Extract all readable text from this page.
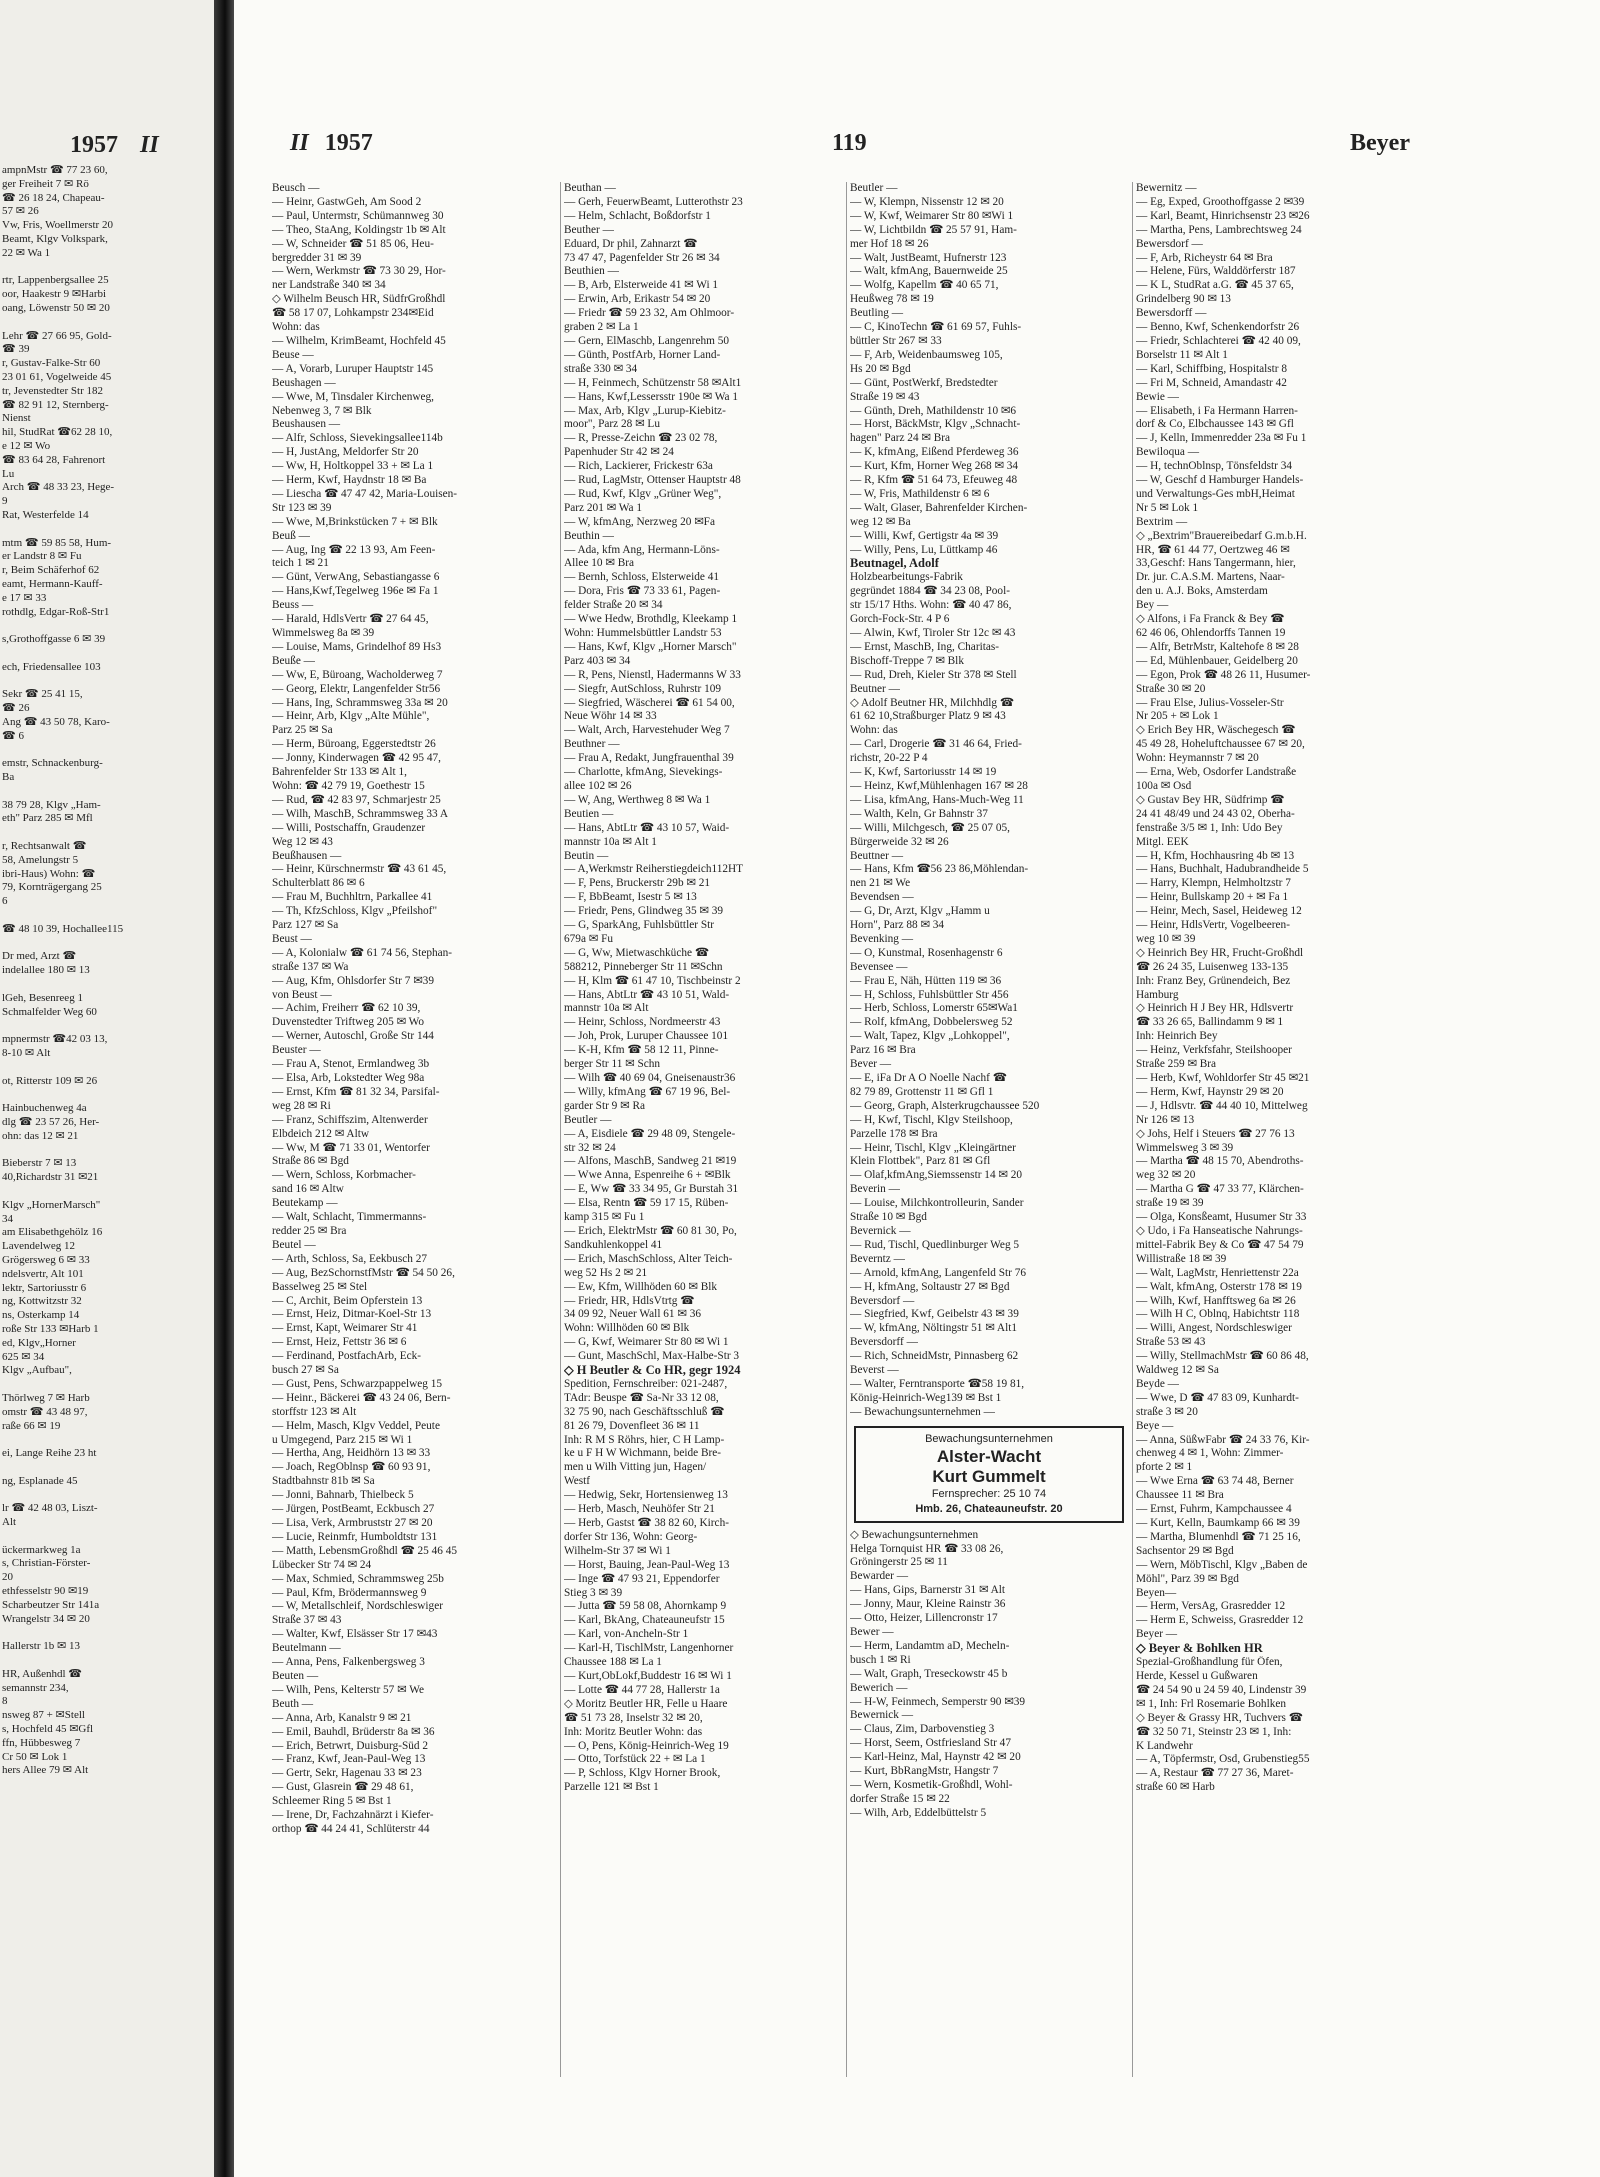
1957 II
ampnMstr ☎ 77 23 60,
ger Freiheit 7 ✉ Rö
☎ 26 18 24, Chapeau-
57 ✉ 26
Vw, Fris, Woellmerstr 20
Beamt, Klgv Volkspark,
22 ✉ Wa 1

rtr, Lappenbergsallee 25
oor, Haakestr 9 ✉Harbi
oang, Löwenstr 50 ✉ 20

Lehr ☎ 27 66 95, Gold-
☎ 39
r, Gustav-Falke-Str 60
23 01 61, Vogelweide 45
tr, Jevenstedter Str 182
☎ 82 91 12, Sternberg-
Nienst
hil, StudRat ☎62 28 10,
e 12 ✉ Wo
☎ 83 64 28, Fahrenort
Lu
Arch ☎ 48 33 23, Hege-
9
Rat, Westerfelde 14

mtm ☎ 59 85 58, Hum-
er Landstr 8 ✉ Fu
r, Beim Schäferhof 62
eamt, Hermann-Kauff-
e 17 ✉ 33
rothdlg, Edgar-Roß-Str1

s,Grothoffgasse 6 ✉ 39

ech, Friedensallee 103

Sekr ☎ 25 41 15,
☎ 26
Ang ☎ 43 50 78, Karo-
☎ 6

emstr, Schnackenburg-
Ba

38 79 28, Klgv „Ham-
eth" Parz 285 ✉ Mfl

r, Rechtsanwalt ☎
58, Amelungstr 5
ibri-Haus) Wohn: ☎
79, Kornträgergang 25
6

☎ 48 10 39, Hochallee115

Dr med, Arzt ☎
indelallee 180 ✉ 13

lGeh, Besenreeg 1
Schmalfelder Weg 60

mpnermstr ☎42 03 13,
8-10 ✉ Alt

ot, Ritterstr 109 ✉ 26

Hainbuchenweg 4a
dlg ☎ 23 57 26, Her-
ohn: das 12 ✉ 21

Bieberstr 7 ✉ 13
40,Richardstr 31 ✉21

Klgv „HornerMarsch"
34
am Elisabethgehölz 16
Lavendelweg 12
Grögersweg 6 ✉ 33
ndelsvertr, Alt 101
lektr, Sartoriusstr 6
ng, Kottwitzstr 32
ns, Osterkamp 14
roße Str 133 ✉Harb 1
ed, Klgv„Horner
625 ✉ 34
Klgv „Aufbau",

Thörlweg 7 ✉ Harb
omstr ☎ 43 48 97,
raße 66 ✉ 19

ei, Lange Reihe 23 ht

ng, Esplanade 45

lr ☎ 42 48 03, Liszt-
Alt

ückermarkweg 1a
s, Christian-Förster-
20
ethfesselstr 90 ✉19
Scharbeutzer Str 141a
Wrangelstr 34 ✉ 20

Hallerstr 1b ✉ 13

HR, Außenhdl ☎
semannstr 234,
8
nsweg 87 + ✉Stell
s, Hochfeld 45 ✉Gfl
ffn, Hübbesweg 7
Cr 50 ✉ Lok 1
hers Allee 79 ✉ Alt
II 1957	119	Beyer
Beusch —
— Heinr, GastwGeh, Am Sood 2
— Paul, Untermstr, Schümannweg 30
— Theo, StaAng, Koldingstr 1b ✉ Alt
— W, Schneider ☎ 51 85 06, Heu-
bergredder 31 ✉ 39
— Wern, Werkmstr ☎ 73 30 29, Hor-
ner Landstraße 340 ✉ 34
◇ Wilhelm Beusch HR, SüdfrGroßhdl
☎ 58 17 07, Lohkampstr 234✉Eid
Wohn: das
— Wilhelm, KrimBeamt, Hochfeld 45
Beuse —
— A, Vorarb, Luruper Hauptstr 145
Beushagen —
— Wwe, M, Tinsdaler Kirchenweg,
Nebenweg 3, 7 ✉ Blk
Beushausen —
— Alfr, Schloss, Sievekingsallee114b
— H, JustAng, Meldorfer Str 20
— Ww, H, Holtkoppel 33 + ✉ La 1
— Herm, Kwf, Haydnstr 18 ✉ Ba
— Liescha ☎ 47 47 42, Maria-Louisen-
Str 123 ✉ 39
— Wwe, M,Brinkstücken 7 + ✉ Blk
Beuß —
— Aug, Ing ☎ 22 13 93, Am Feen-
teich 1 ✉ 21
— Günt, VerwAng, Sebastiangasse 6
— Hans,Kwf,Tegelweg 196e ✉ Fa 1
Beuss —
— Harald, HdlsVertr ☎ 27 64 45,
Wimmelsweg 8a ✉ 39
— Louise, Mams, Grindelhof 89 Hs3
Beuße —
— Ww, E, Büroang, Wacholderweg 7
— Georg, Elektr, Langenfelder Str56
— Hans, Ing, Schrammsweg 33a ✉ 20
— Heinr, Arb, Klgv „Alte Mühle",
Parz 25 ✉ Sa
— Herm, Büroang, Eggerstedtstr 26
— Jonny, Kinderwagen ☎ 42 95 47,
Bahrenfelder Str 133 ✉ Alt 1,
Wohn: ☎ 42 79 19, Goethestr 15
— Rud, ☎ 42 83 97, Schmarjestr 25
— Wilh, MaschB, Schrammsweg 33 A
— Willi, Postschaffn, Graudenzer
Weg 12 ✉ 43
Beußhausen —
— Heinr, Kürschnermstr ☎ 43 61 45,
Schulterblatt 86 ✉ 6
— Frau M, Buchhltrn, Parkallee 41
— Th, KfzSchloss, Klgv „Pfeilshof"
Parz 127 ✉ Sa
Beust —
— A, Kolonialw ☎ 61 74 56, Stephan-
straße 137 ✉ Wa
— Aug, Kfm, Ohlsdorfer Str 7 ✉39
von Beust —
— Achim, Freiherr ☎ 62 10 39,
Duvenstedter Triftweg 205 ✉ Wo
— Werner, Autoschl, Große Str 144
Beuster —
— Frau A, Stenot, Ermlandweg 3b
— Elsa, Arb, Lokstedter Weg 98a
— Ernst, Kfm ☎ 81 32 34, Parsifal-
weg 28 ✉ Ri
— Franz, Schiffszim, Altenwerder
Elbdeich 212 ✉ Altw
— Ww, M ☎ 71 33 01, Wentorfer
Straße 86 ✉ Bgd
— Wern, Schloss, Korbmacher-
sand 16 ✉ Altw
Beutekamp —
— Walt, Schlacht, Timmermanns-
redder 25 ✉ Bra
Beutel —
— Arth, Schloss, Sa, Eekbusch 27
— Aug, BezSchornstfMstr ☎ 54 50 26,
Basselweg 25 ✉ Stel
— C, Archit, Beim Opferstein 13
— Ernst, Heiz, Ditmar-Koel-Str 13
— Ernst, Kapt, Weimarer Str 41
— Ernst, Heiz, Fettstr 36 ✉ 6
— Ferdinand, PostfachArb, Eck-
busch 27 ✉ Sa
— Gust, Pens, Schwarzpappelweg 15
— Heinr., Bäckerei ☎ 43 24 06, Bern-
storffstr 123 ✉ Alt
— Helm, Masch, Klgv Veddel, Peute
u Umgegend, Parz 215 ✉ Wi 1
— Hertha, Ang, Heidhörn 13 ✉ 33
— Joach, RegOblnsp ☎ 60 93 91,
Stadtbahnstr 81b ✉ Sa
— Jonni, Bahnarb, Thielbeck 5
— Jürgen, PostBeamt, Eckbusch 27
— Lisa, Verk, Armbruststr 27 ✉ 20
— Lucie, Reinmfr, Humboldtstr 131
— Matth, LebensmGroßhdl ☎ 25 46 45
Lübecker Str 74 ✉ 24
— Max, Schmied, Schrammsweg 25b
— Paul, Kfm, Brödermannsweg 9
— W, Metallschleif, Nordschleswiger
Straße 37 ✉ 43
— Walter, Kwf, Elsässer Str 17 ✉43
Beutelmann —
— Anna, Pens, Falkenbergsweg 3
Beuten —
— Wilh, Pens, Kelterstr 57 ✉ We
Beuth —
— Anna, Arb, Kanalstr 9 ✉ 21
— Emil, Bauhdl, Brüderstr 8a ✉ 36
— Erich, Betrwrt, Duisburg-Süd 2
— Franz, Kwf, Jean-Paul-Weg 13
— Gertr, Sekr, Hagenau 33 ✉ 23
— Gust, Glasrein ☎ 29 48 61,
Schleemer Ring 5 ✉ Bst 1
— Irene, Dr, Fachzahnärzt i Kiefer-
orthop ☎ 44 24 41, Schlüterstr 44
Beuthan —
— Gerh, FeuerwBeamt, Lutterothstr 23
— Helm, Schlacht, Boßdorfstr 1
Beuther —
Eduard, Dr phil, Zahnarzt ☎
73 47 47, Pagenfelder Str 26 ✉ 34
Beuthien —
— B, Arb, Elsterweide 41 ✉ Wi 1
— Erwin, Arb, Erikastr 54 ✉ 20
— Friedr ☎ 59 23 32, Am Ohlmoor-
graben 2 ✉ La 1
— Gern, ElMaschb, Langenrehm 50
— Günth, PostfArb, Horner Land-
straße 330 ✉ 34
— H, Feinmech, Schützenstr 58 ✉Alt1
— Hans, Kwf,Lessersstr 190e ✉ Wa 1
— Max, Arb, Klgv „Lurup-Kiebitz-
moor", Parz 28 ✉ Lu
— R, Presse-Zeichn ☎ 23 02 78,
Papenhuder Str 42 ✉ 24
— Rich, Lackierer, Frickestr 63a
— Rud, LagMstr, Ottenser Hauptstr 48
— Rud, Kwf, Klgv „Grüner Weg",
Parz 201 ✉ Wa 1
— W, kfmAng, Nerzweg 20 ✉Fa
Beuthin —
— Ada, kfm Ang, Hermann-Löns-
Allee 10 ✉ Bra
— Bernh, Schloss, Elsterweide 41
— Dora, Fris ☎ 73 33 61, Pagen-
felder Straße 20 ✉ 34
— Wwe Hedw, Brothdlg, Kleekamp 1
Wohn: Hummelsbüttler Landstr 53
— Hans, Kwf, Klgv „Horner Marsch"
Parz 403 ✉ 34
— R, Pens, Nienstl, Hadermanns W 33
— Siegfr, AutSchloss, Ruhrstr 109
— Siegfried, Wäscherei ☎ 61 54 00,
Neue Wöhr 14 ✉ 33
— Walt, Arch, Harvestehuder Weg 7
Beuthner —
— Frau A, Redakt, Jungfrauenthal 39
— Charlotte, kfmAng, Sievekings-
allee 102 ✉ 26
— W, Ang, Werthweg 8 ✉ Wa 1
Beutien —
— Hans, AbtLtr ☎ 43 10 57, Waid-
mannstr 10a ✉ Alt 1
Beutin —
— A,Werkmstr Reiherstiegdeich112HT
— F, Pens, Bruckerstr 29b ✉ 21
— F, BbBeamt, Isestr 5 ✉ 13
— Friedr, Pens, Glindweg 35 ✉ 39
— G, SparkAng, Fuhlsbüttler Str
679a ✉ Fu
— G, Ww, Mietwaschküche ☎
588212, Pinneberger Str 11 ✉Schn
— H, Klm ☎ 61 47 10, Tischbeinstr 2
— Hans, AbtLtr ☎ 43 10 51, Wald-
mannstr 10a ✉ Alt
— Heinr, Schloss, Nordmeerstr 43
— Joh, Prok, Luruper Chaussee 101
— K-H, Kfm ☎ 58 12 11, Pinne-
berger Str 11 ✉ Schn
— Wilh ☎ 40 69 04, Gneisenaustr36
— Willy, kfmAng ☎ 67 19 96, Bel-
garder Str 9 ✉ Ra
Beutler —
— A, Eisdiele ☎ 29 48 09, Stengele-
str 32 ✉ 24
— Alfons, MaschB, Sandweg 21 ✉19
— Wwe Anna, Espenreihe 6 + ✉Blk
— E, Ww ☎ 33 34 95, Gr Burstah 31
— Elsa, Rentn ☎ 59 17 15, Rüben-
kamp 315 ✉ Fu 1
— Erich, ElektrMstr ☎ 60 81 30, Po,
Sandkuhlenkoppel 41
— Erich, MaschSchloss, Alter Teich-
weg 52 Hs 2 ✉ 21
— Ew, Kfm, Willhöden 60 ✉ Blk
— Friedr, HR, HdlsVtrtg ☎
34 09 92, Neuer Wall 61 ✉ 36
Wohn: Willhöden 60 ✉ Blk
— G, Kwf, Weimarer Str 80 ✉ Wi 1
— Gunt, MaschSchl, Max-Halbe-Str 3
◇ H Beutler & Co HR, gegr 1924
Spedition, Fernschreiber: 021-2487,
TAdr: Beuspe ☎ Sa-Nr 33 12 08,
32 75 90, nach Geschäftsschluß ☎
81 26 79, Dovenfleet 36 ✉ 11
Inh: R M S Röhrs, hier, C H Lamp-
ke u F H W Wichmann, beide Bre-
men u Wilh Vitting jun, Hagen/
Westf
— Hedwig, Sekr, Hortensienweg 13
— Herb, Masch, Neuhöfer Str 21
— Herb, Gastst ☎ 38 82 60, Kirch-
dorfer Str 136, Wohn: Georg-
Wilhelm-Str 37 ✉ Wi 1
— Horst, Bauing, Jean-Paul-Weg 13
— Inge ☎ 47 93 21, Eppendorfer
Stieg 3 ✉ 39
— Jutta ☎ 59 58 08, Ahornkamp 9
— Karl, BkAng, Chateauneufstr 15
— Karl, von-Ancheln-Str 1
— Karl-H, TischlMstr, Langenhorner
Chaussee 188 ✉ La 1
— Kurt,ObLokf,Buddestr 16 ✉ Wi 1
— Lotte ☎ 44 77 28, Hallerstr 1a
◇ Moritz Beutler HR, Felle u Haare
☎ 51 73 28, Inselstr 32 ✉ 20,
Inh: Moritz Beutler Wohn: das
— O, Pens, König-Heinrich-Weg 19
— Otto, Torfstück 22 + ✉ La 1
— P, Schloss, Klgv Horner Brook,
Parzelle 121 ✉ Bst 1
Beutler —
— W, Klempn, Nissenstr 12 ✉ 20
— W, Kwf, Weimarer Str 80 ✉Wi 1
— W, Lichtbildn ☎ 25 57 91, Ham-
mer Hof 18 ✉ 26
— Walt, JustBeamt, Hufnerstr 123
— Walt, kfmAng, Bauernweide 25
— Wolfg, Kapellm ☎ 40 65 71,
Heußweg 78 ✉ 19
Beutling —
— C, KinoTechn ☎ 61 69 57, Fuhls-
büttler Str 267 ✉ 33
— F, Arb, Weidenbaumsweg 105,
Hs 20 ✉ Bgd
— Günt, PostWerkf, Bredstedter
Straße 19 ✉ 43
— Günth, Dreh, Mathildenstr 10 ✉6
— Horst, BäckMstr, Klgv „Schnacht-
hagen" Parz 24 ✉ Bra
— K, kfmAng, Eißend Pferdeweg 36
— Kurt, Kfm, Horner Weg 268 ✉ 34
— R, Kfm ☎ 51 64 73, Efeuweg 48
— W, Fris, Mathildenstr 6 ✉ 6
— Walt, Glaser, Bahrenfelder Kirchen-
weg 12 ✉ Ba
— Willi, Kwf, Gertigstr 4a ✉ 39
— Willy, Pens, Lu, Lüttkamp 46
Beutnagel, Adolf
Holzbearbeitungs-Fabrik
gegründet 1884 ☎ 34 23 08, Pool-
str 15/17 Hths. Wohn: ☎ 40 47 86,
Gorch-Fock-Str. 4 P 6
— Alwin, Kwf, Tiroler Str 12c ✉ 43
— Ernst, MaschB, Ing, Charitas-
Bischoff-Treppe 7 ✉ Blk
— Rud, Dreh, Kieler Str 378 ✉ Stell
Beutner —
◇ Adolf Beutner HR, Milchhdlg ☎
61 62 10,Straßburger Platz 9 ✉ 43
Wohn: das
— Carl, Drogerie ☎ 31 46 64, Fried-
richstr, 20-22 P 4
— K, Kwf, Sartoriusstr 14 ✉ 19
— Heinz, Kwf,Mühlenhagen 167 ✉ 28
— Lisa, kfmAng, Hans-Much-Weg 11
— Walth, Keln, Gr Bahnstr 37
— Willi, Milchgesch, ☎ 25 07 05,
Bürgerweide 32 ✉ 26
Beuttner —
— Hans, Kfm ☎56 23 86,Möhlendan-
nen 21 ✉ We
Bevendsen —
— G, Dr, Arzt, Klgv „Hamm u
Horn", Parz 88 ✉ 34
Bevenking —
— O, Kunstmal, Rosenhagenstr 6
Bevensee —
— Frau E, Näh, Hütten 119 ✉ 36
— H, Schloss, Fuhlsbüttler Str 456
— Herb, Schloss, Lomerstr 65✉Wa1
— Rolf, kfmAng, Dobbelersweg 52
— Walt, Tapez, Klgv „Lohkoppel",
Parz 16 ✉ Bra
Bever —
— E, iFa Dr A O Noelle Nachf ☎
82 79 89, Grottenstr 11 ✉ Gfl 1
— Georg, Graph, Alsterkrugchaussee 520
— H, Kwf, Tischl, Klgv Steilshoop,
Parzelle 178 ✉ Bra
— Heinr, Tischl, Klgv „Kleingärtner
Klein Flottbek", Parz 81 ✉ Gfl
— Olaf,kfmAng,Siemssenstr 14 ✉ 20
Beverin —
— Louise, Milchkontrolleurin, Sander
Straße 10 ✉ Bgd
Bevernick —
— Rud, Tischl, Quedlinburger Weg 5
Beverntz —
— Arnold, kfmAng, Langenfeld Str 76
— H, kfmAng, Soltaustr 27 ✉ Bgd
Beversdorf —
— Siegfried, Kwf, Geibelstr 43 ✉ 39
— W, kfmAng, Nöltingstr 51 ✉ Alt1
Beversdorff —
— Rich, SchneidMstr, Pinnasberg 62
Beverst —
— Walter, Ferntransporte ☎58 19 81,
König-Heinrich-Weg139 ✉ Bst 1
— Bewachungsunternehmen —
Bewachungsunternehmen
Alster-Wacht
Kurt Gummelt
Fernsprecher: 25 10 74
Hmb. 26, Chateauneufstr. 20
◇ Bewachungsunternehmen
Helga Tornquist HR ☎ 33 08 26,
Gröningerstr 25 ✉ 11
Bewarder —
— Hans, Gips, Barnerstr 31 ✉ Alt
— Jonny, Maur, Kleine Rainstr 36
— Otto, Heizer, Lillencronstr 17
Bewer —
— Herm, Landamtm aD, Mecheln-
busch 1 ✉ Ri
— Walt, Graph, Treseckowstr 45 b
Bewerich —
— H-W, Feinmech, Semperstr 90 ✉39
Bewernick —
— Claus, Zim, Darbovenstieg 3
— Horst, Seem, Ostfriesland Str 47
— Karl-Heinz, Mal, Haynstr 42 ✉ 20
— Kurt, BbRangMstr, Hangstr 7
— Wern, Kosmetik-Großhdl, Wohl-
dorfer Straße 15 ✉ 22
— Wilh, Arb, Eddelbüttelstr 5
Bewernitz —
— Eg, Exped, Groothoffgasse 2 ✉39
— Karl, Beamt, Hinrichsenstr 23 ✉26
— Martha, Pens, Lambrechtsweg 24
Bewersdorf —
— F, Arb, Richeystr 64 ✉ Bra
— Helene, Fürs, Walddörferstr 187
— K L, StudRat a.G. ☎ 45 37 65,
Grindelberg 90 ✉ 13
Bewersdorff —
— Benno, Kwf, Schenkendorfstr 26
— Friedr, Schlachterei ☎ 42 40 09,
Borselstr 11 ✉ Alt 1
— Karl, Schiffbing, Hospitalstr 8
— Fri M, Schneid, Amandastr 42
Bewie —
— Elisabeth, i Fa Hermann Harren-
dorf & Co, Elbchaussee 143 ✉ Gfl
— J, Kelln, Immenredder 23a ✉ Fu 1
Bewiloqua —
— H, technOblnsp, Tönsfeldstr 34
— W, Geschf d Hamburger Handels-
und Verwaltungs-Ges mbH,Heimat
Nr 5 ✉ Lok 1
Bextrim —
◇ „Bextrim"Brauereibedarf G.m.b.H.
HR, ☎ 61 44 77, Oertzweg 46 ✉
33,Geschf: Hans Tangermann, hier,
Dr. jur. C.A.S.M. Martens, Naar-
den u. A.J. Boks, Amsterdam
Bey —
◇ Alfons, i Fa Franck & Bey ☎
62 46 06, Ohlendorffs Tannen 19
— Alfr, BetrMstr, Kaltehofe 8 ✉ 28
— Ed, Mühlenbauer, Geidelberg 20
— Egon, Prok ☎ 48 26 11, Husumer-
Straße 30 ✉ 20
— Frau Else, Julius-Vosseler-Str
Nr 205 + ✉ Lok 1
◇ Erich Bey HR, Wäschegesch ☎
45 49 28, Hoheluftchaussee 67 ✉ 20,
Wohn: Heymannstr 7 ✉ 20
— Erna, Web, Osdorfer Landstraße
100a ✉ Osd
◇ Gustav Bey HR, Südfrimp ☎
24 41 48/49 und 24 43 02, Oberha-
fenstraße 3/5 ✉ 1, Inh: Udo Bey
Mitgl. EEK
— H, Kfm, Hochhausring 4b ✉ 13
— Hans, Buchhalt, Hadubrandheide 5
— Harry, Klempn, Helmholtzstr 7
— Heinr, Bullskamp 20 + ✉ Fa 1
— Heinr, Mech, Sasel, Heideweg 12
— Heinr, HdlsVertr, Vogelbeeren-
weg 10 ✉ 39
◇ Heinrich Bey HR, Frucht-Großhdl
☎ 26 24 35, Luisenweg 133-135
Inh: Franz Bey, Grünendeich, Bez
Hamburg
◇ Heinrich H J Bey HR, Hdlsvertr
☎ 33 26 65, Ballindamm 9 ✉ 1
Inh: Heinrich Bey
— Heinz, Verkfsfahr, Steilshooper
Straße 259 ✉ Bra
— Herb, Kwf, Wohldorfer Str 45 ✉21
— Herm, Kwf, Haynstr 29 ✉ 20
— J, Hdlsvtr. ☎ 44 40 10, Mittelweg
Nr 126 ✉ 13
◇ Johs, Helf i Steuers ☎ 27 76 13
Wimmelsweg 3 ✉ 39
— Martha ☎ 48 15 70, Abendroths-
weg 32 ✉ 20
— Martha G ☎ 47 33 77, Klärchen-
straße 19 ✉ 39
— Olga, Konsßeamt, Husumer Str 33
◇ Udo, i Fa Hanseatische Nahrungs-
mittel-Fabrik Bey & Co ☎ 47 54 79
Willistraße 18 ✉ 39
— Walt, LagMstr, Henriettenstr 22a
— Walt, kfmAng, Osterstr 178 ✉ 19
— Wilh, Kwf, Hanfftsweg 6a ✉ 26
— Wilh H C, Oblnq, Habichtstr 118
— Willi, Angest, Nordschleswiger
Straße 53 ✉ 43
— Willy, StellmachMstr ☎ 60 86 48,
Waldweg 12 ✉ Sa
Beyde —
— Wwe, D ☎ 47 83 09, Kunhardt-
straße 3 ✉ 20
Beye —
— Anna, SüßwFabr ☎ 24 33 76, Kir-
chenweg 4 ✉ 1, Wohn: Zimmer-
pforte 2 ✉ 1
— Wwe Erna ☎ 63 74 48, Berner
Chaussee 11 ✉ Bra
— Ernst, Fuhrm, Kampchaussee 4
— Kurt, Kelln, Baumkamp 66 ✉ 39
— Martha, Blumenhdl ☎ 71 25 16,
Sachsentor 29 ✉ Bgd
— Wern, MöbTischl, Klgv „Baben de
Möhl", Parz 39 ✉ Bgd
Beyen—
— Herm, VersAg, Grasredder 12
— Herm E, Schweiss, Grasredder 12
Beyer —
◇ Beyer & Bohlken HR
Spezial-Großhandlung für Öfen,
Herde, Kessel u Gußwaren
☎ 24 54 90 u 24 59 40, Lindenstr 39
✉ 1, Inh: Frl Rosemarie Bohlken
◇ Beyer & Grassy HR, Tuchvers ☎
☎ 32 50 71, Steinstr 23 ✉ 1, Inh:
K Landwehr
— A, Töpfermstr, Osd, Grubenstieg55
— A, Restaur ☎ 77 27 36, Maret-
straße 60 ✉ Harb
